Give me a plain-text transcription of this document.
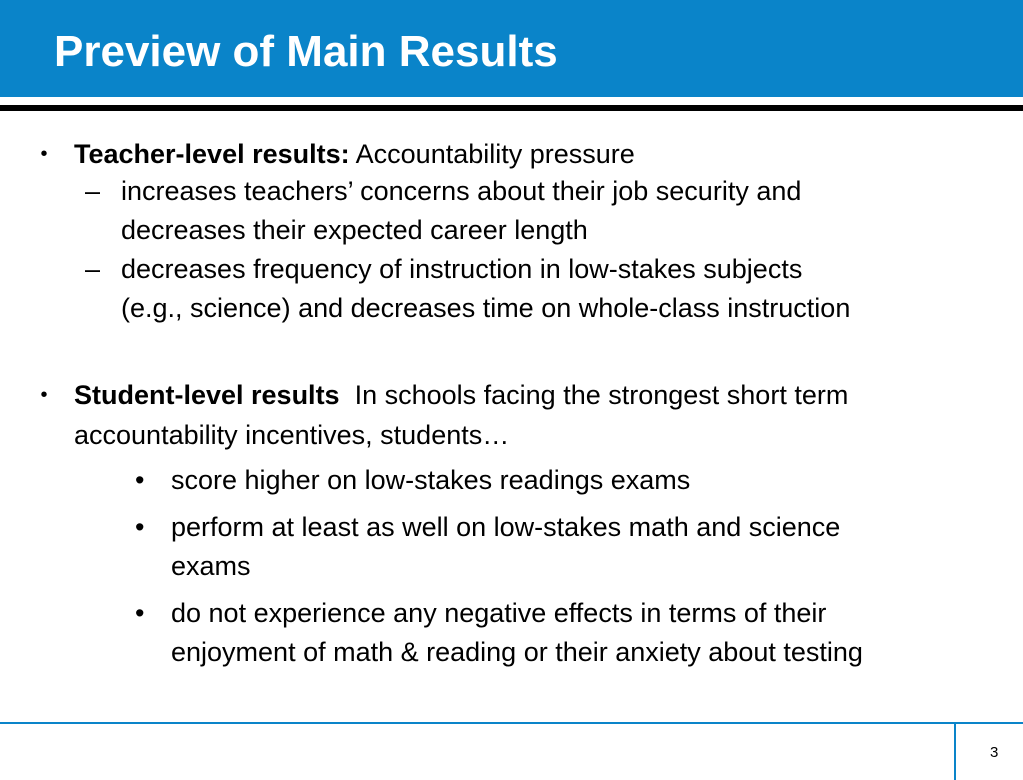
Preview of Main Results
• Teacher-level results: Accountability pressure
– increases teachers’ concerns about their job security and
decreases their expected career length
– decreases frequency of instruction in low-stakes subjects
(e.g., science) and decreases time on whole-class instruction
• Student-level results  In schools facing the strongest short term
accountability incentives, students…
• score higher on low-stakes readings exams
• perform at least as well on low-stakes math and science
exams
• do not experience any negative effects in terms of their
enjoyment of math & reading or their anxiety about testing
3
